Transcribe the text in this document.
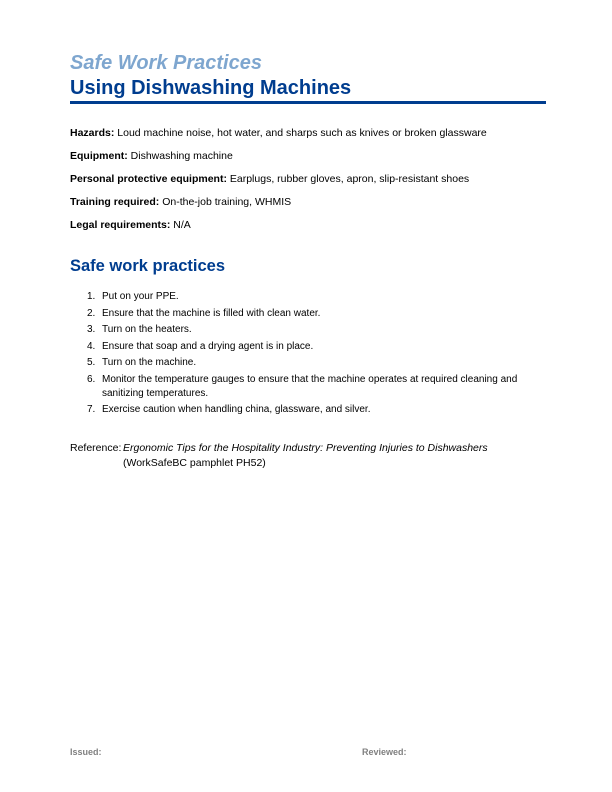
Safe Work Practices
Using Dishwashing Machines

Hazards: Loud machine noise, hot water, and sharps such as knives or broken glassware

Equipment: Dishwashing machine

Personal protective equipment: Earplugs, rubber gloves, apron, slip-resistant shoes

Training required: On-the-job training, WHMIS

Legal requirements: N/A

Safe work practices
1. Put on your PPE.
2. Ensure that the machine is filled with clean water.
3. Turn on the heaters.
4. Ensure that soap and a drying agent is in place.
5. Turn on the machine.
6. Monitor the temperature gauges to ensure that the machine operates at required cleaning and sanitizing temperatures.
7. Exercise caution when handling china, glassware, and silver.
Reference: Ergonomic Tips for the Hospitality Industry: Preventing Injuries to Dishwashers (WorkSafeBC pamphlet PH52)
Issued:	Reviewed:
